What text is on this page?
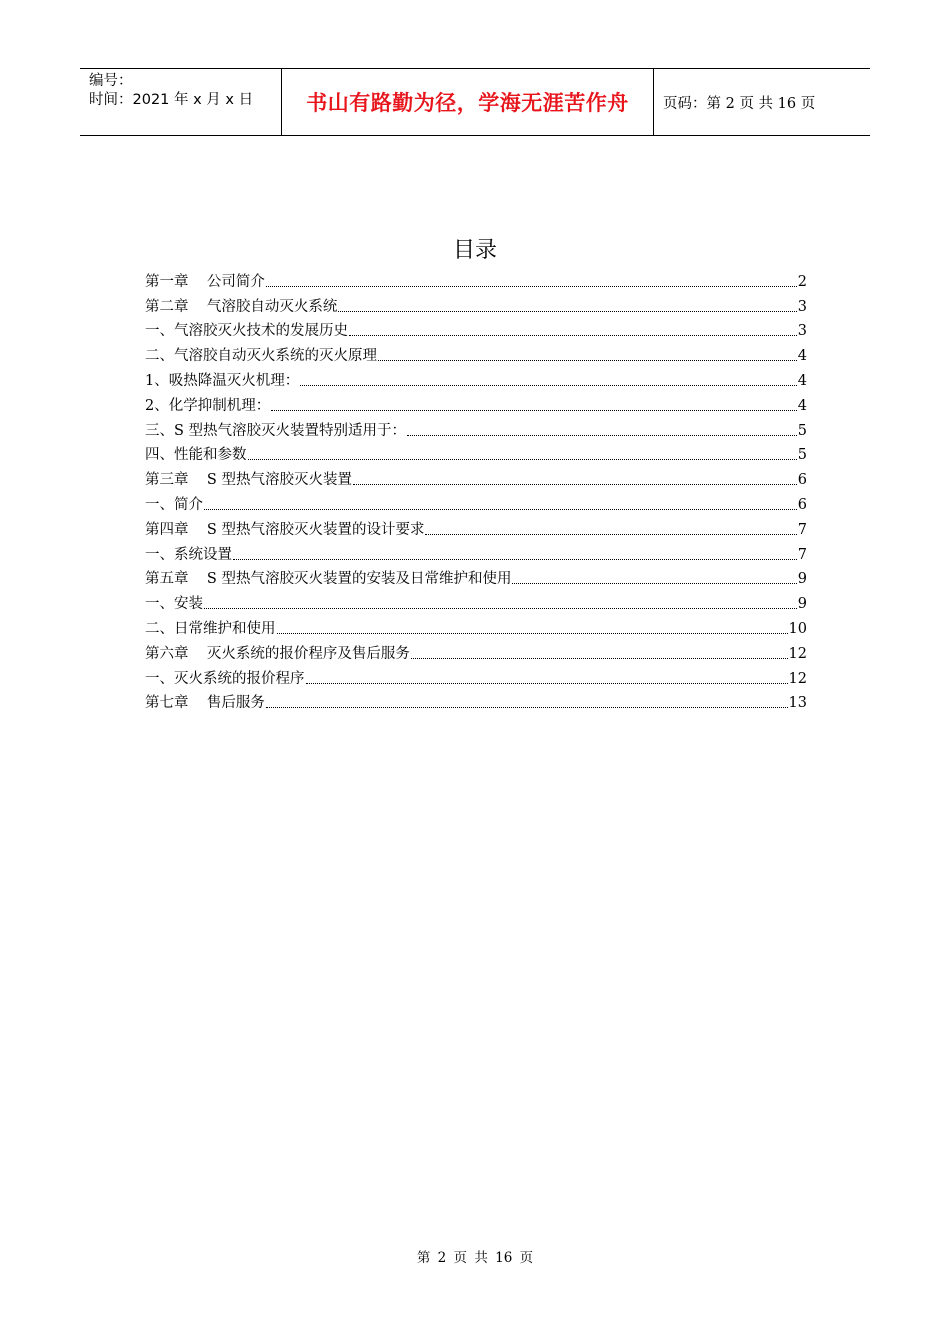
编号：
时间：2021 年 x 月 x 日	书山有路勤为径，学海无涯苦作舟 页码：第 2 页 共 16 页
目录
第一章    公司简介	2
第二章    气溶胶自动灭火系统	3
一、气溶胶灭火技术的发展历史	3
二、气溶胶自动灭火系统的灭火原理	4
1、吸热降温灭火机理：	4
2、化学抑制机理：	4
三、S 型热气溶胶灭火装置特别适用于：	5
四、性能和参数	5
第三章    S 型热气溶胶灭火装置	6
一、简介	6
第四章    S 型热气溶胶灭火装置的设计要求	7
一、系统设置	7
第五章    S 型热气溶胶灭火装置的安装及日常维护和使用	9
一、安装	9
二、日常维护和使用	10
第六章    灭火系统的报价程序及售后服务	12
一、灭火系统的报价程序	12
第七章    售后服务	13
第 2 页 共 16 页
